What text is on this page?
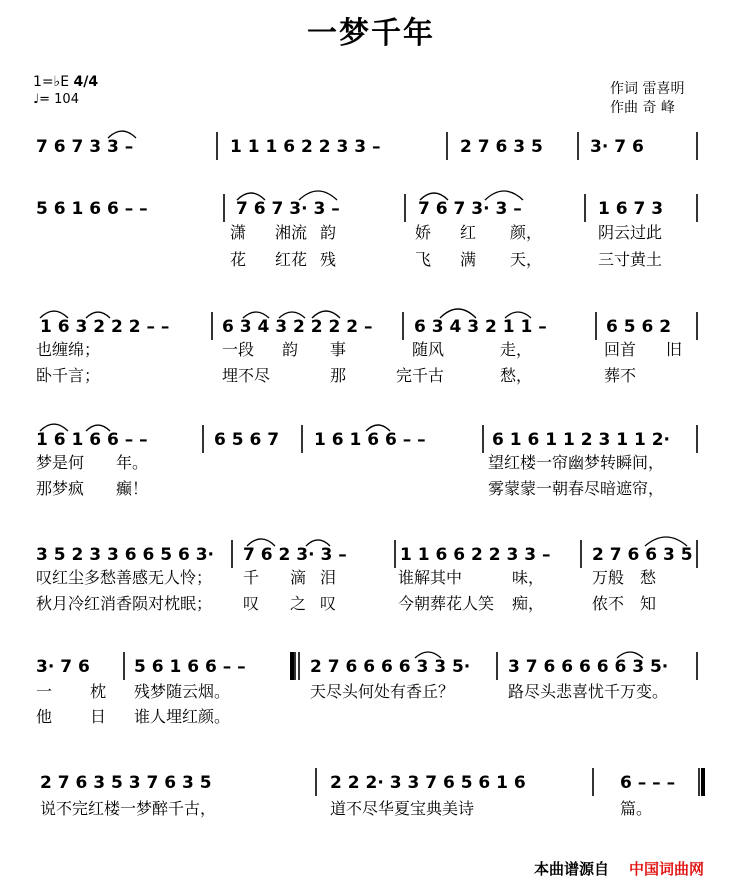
一梦千年
1=♭E 4/4
♩= 104
作词 雷喜明
作曲 奇 峰
7 6 7 3 3 –	1 1 1 6 2 2 3 3 –	2 7 6 3 5	3· 7 6
5 6 1 6 6 – –	7 6 7 3· 3 –	7 6 7 3· 3 –	1 6 7 3
1 6 3 2 2 2 – –	6 3 4 3 2 2 2 2 – 6 3 4 3 2 1 1 –	6 5 6 2
1 6 1 6 6 – –	6 5 6 7 1 6 1 6 6 – –	6 1 6 1 1 2 3 1 1 2·
3 5 2 3 3 6 6 5 6 3· 7 6 2 3· 3 –	1 1 6 6 2 2 3 3 – 2 7 6 6 3 5
3· 7 6	5 6 1 6 6 – –	2 7 6 6 6 6 3 3 5· 3 7 6 6 6 6 6 3 5·
2 7 6 3 5 3 7 6 3 5	2 2 2· 3 3 7 6 5 6 1 6	6 – – –
潇 湘流 韵	娇 红 颜，	阴云过此
花 红花 残	飞 满 天，	三寸黄土
也缠绵；	一段 韵 事	随风	走，	回首 旧
卧千言；	埋不尽	那	千古	愁，	葬不
完
梦是何 年。	望红楼一帘幽梦转瞬间，
那梦疯 癫！	雾蒙蒙一朝春尽暗遮帘，
叹红尘多愁善感无人怜； 千 滴 泪	谁解其中	味，	万般 愁
秋月冷红消香陨对枕眠； 叹 之 叹	今朝葬花人笑 痴，	侬不 知
一 枕 残梦随云烟。	天尽头何处有香丘？	路尽头悲喜忧千万变。
他 日 谁人埋红颜。
说不完红楼一梦醉千古，	道不尽华夏宝典美诗	篇。
本曲谱源自 中国词曲网
